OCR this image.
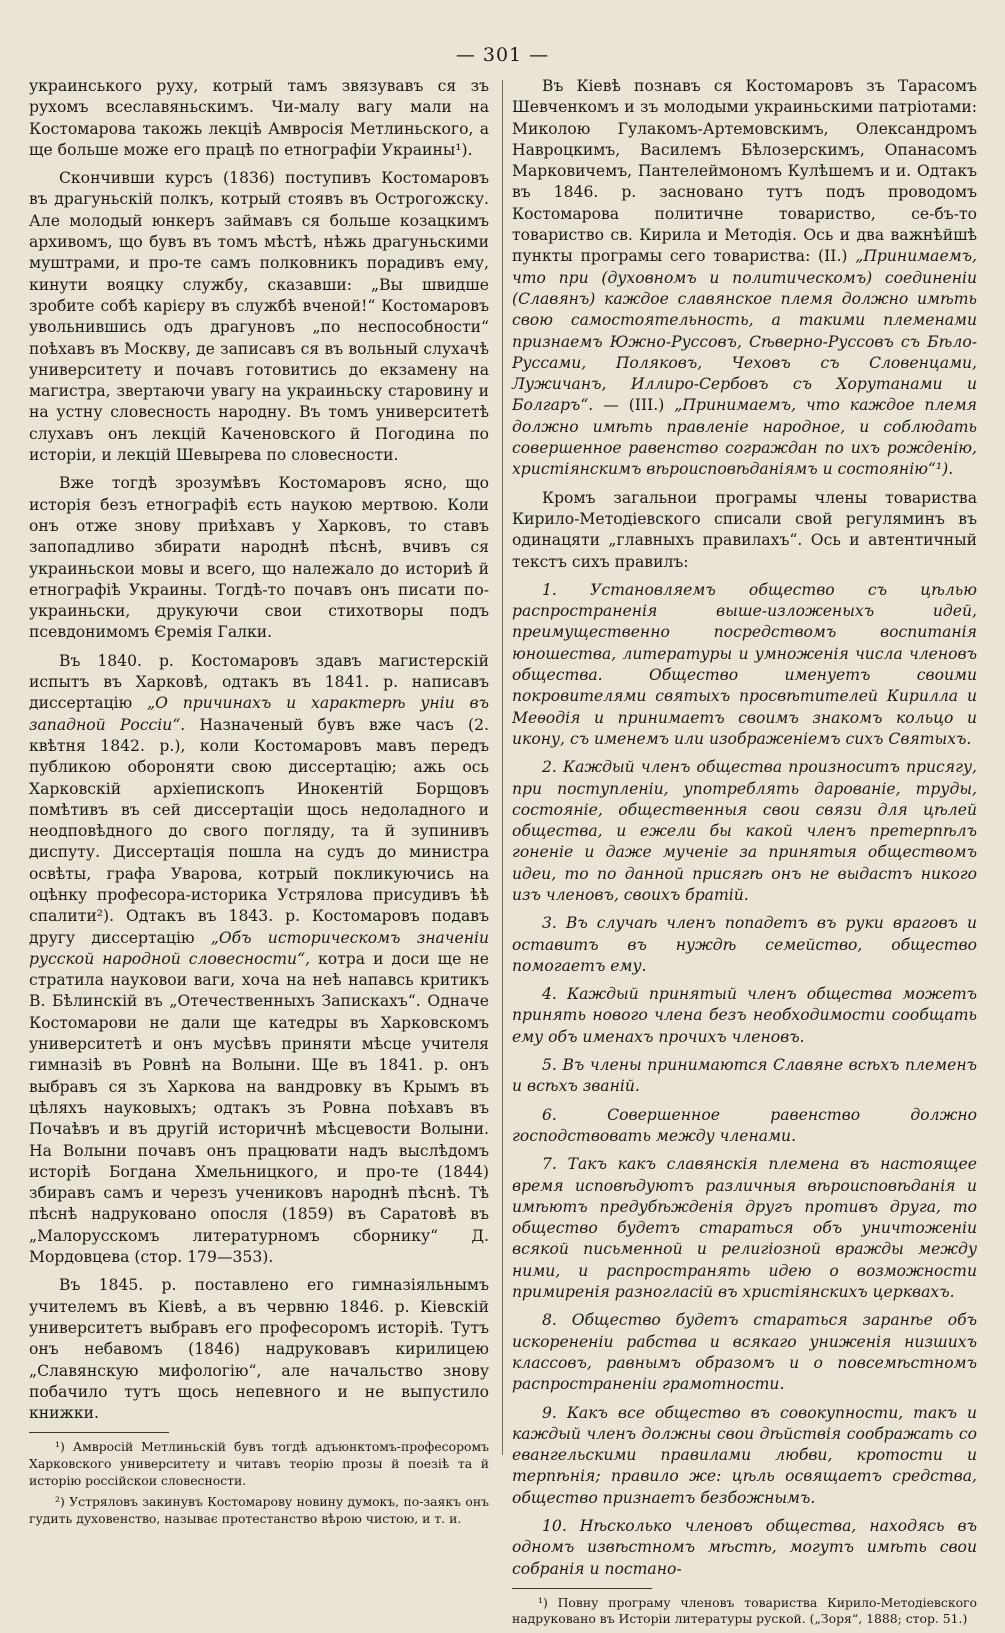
— 301 —

украинського руху, котрый тамъ звязувавъ ся зъ рухомъ всеславяньскимъ. Чи-малу вагу мали на Костомарова такожь лекціѣ Амвросія Метлиньского, а ще больше може его працѣ по етнографіи Украины¹).

Скончивши курсъ (1836) поступивъ Костомаровъ въ драгуньскій полкъ, котрый стоявъ въ Острогожску. Але молодый юнкеръ займавъ ся больше козацкимъ архивомъ, що бувъ въ томъ мѣстѣ, нѣжь драгуньскими муштрами, и про-те самъ полковникъ порадивъ ему, кинути вояцку службу, сказавши: „Вы швидше зробите собѣ карієру въ службѣ вченой!“ Костомаровъ увольнившись одъ драгуновъ „по неспособности“ поѣхавъ въ Москву, де записавъ ся въ вольный слухачѣ университету и почавъ готовитись до екзамену на магистра, звертаючи увагу на украиньску старовину и на устну словесность народну. Въ томъ университетѣ слухавъ онъ лекцій Каченовского й Погодина по исторіи, и лекцій Шевырева по словесности.

Вже тогдѣ зрозумѣвъ Костомаровъ ясно, що исторія безъ етнографіѣ єсть наукою мертвою. Коли онъ отже знову приѣхавъ у Харковъ, то ставъ запопадливо збирати народнѣ пѣснѣ, вчивъ ся украиньскои мовы и всего, що належало до историѣ й етнографіѣ Украины. Тогдѣ-то почавъ онъ писати по-украиньски, друкуючи свои стихотворы подъ псевдонимомъ Єремія Галки.

Въ 1840. р. Костомаровъ здавъ магистерскій испытъ въ Харковѣ, одтакъ въ 1841. р. написавъ диссертацію „О причинахъ и характерѣ уніи въ западной Россіи“. Назначеный бувъ вже часъ (2. квѣтня 1842. р.), коли Костомаровъ мавъ передъ публикою обороняти свою диссертацію; ажь ось Харковскій архіепископъ Инокентій Борщовъ помѣтивъ въ сей диссертаціи щось недоладного и неодповѣдного до свого погляду, та й зупинивъ диспуту. Диссертація пошла на судъ до министра освѣты, графа Уварова, котрый покликуючись на оцѣнку професора-историка Устрялова присудивъ ѣѣ спалити²). Одтакъ въ 1843. р. Костомаровъ подавъ другу диссертацію „Объ историческомъ значеніи русской народной словесности“, котра и доси ще не стратила науковои ваги, хоча на неѣ напавсь критикъ В. Бѣлинскій въ „Отечественныхъ Запискахъ“. Одначе Костомарови не дали ще катедры въ Харковскомъ университетѣ и онъ мусѣвъ приняти мѣсце учителя гимназіѣ въ Ровнѣ на Волыни. Ще въ 1841. р. онъ выбравъ ся зъ Харкова на вандровку въ Крымъ въ цѣляхъ науковыхъ; одтакъ зъ Ровна поѣхавъ въ Почаѣвъ и въ другій историчнѣ мѣсцевости Волыни. На Волыни почавъ онъ працювати надъ выслѣдомъ исторіѣ Богдана Хмельницкого, и про-те (1844) збиравъ самъ и черезъ учениковъ народнѣ пѣснѣ. Тѣ пѣснѣ надруковано опосля (1859) въ Саратовѣ въ „Малорусскомъ литературномъ сборнику“ Д. Мордовцева (стор. 179—353).

Въ 1845. р. поставлено его гимназіяльнымъ учителемъ въ Кіевѣ, а въ червню 1846. р. Кіевскій университетъ выбравъ его професоромъ исторіѣ. Тутъ онъ небавомъ (1846) надруковавъ кирилицею „Славянскую мифологію“, але начальство знову побачило тутъ щось непевного и не выпустило книжки.

¹) Амвросій Метлиньскій бувъ тогдѣ адъюнктомъ-професоромъ Харковского университету и читавъ теорію прозы й поезіѣ та й исторію россійскои словесности.

²) Устряловъ закинувъ Костомарову новину думокъ, по-заякъ онъ гудить духовенство, называє протестанство вѣрою чистою, и т. и.

Въ Кіевѣ познавъ ся Костомаровъ зъ Тарасомъ Шевченкомъ и зъ молодыми украиньскими патріотами: Миколою Гулакомъ-Артемовскимъ, Олександромъ Навроцкимъ, Василемъ Бѣлозерскимъ, Опанасомъ Марковичемъ, Пантелеймономъ Кулѣшемъ и и. Одтакъ въ 1846. р. засновано тутъ подъ проводомъ Костомарова политичне товариство, се-бъ-то товариство св. Кирила и Методія. Ось и два важнѣйшѣ пункты програмы сего товариства: (II.) „Принимаемъ, что при (духовномъ и политическомъ) соединеніи (Славянъ) каждое славянское племя должно имѣть свою самостоятельность, а такими племенами признаемъ Южно-Руссовъ, Сѣверно-Руссовъ съ Бѣло-Руссами, Поляковъ, Чеховъ съ Словенцами, Лужичанъ, Иллиро-Сербовъ съ Хорутанами и Болгаръ“. — (III.) „Принимаемъ, что каждое племя должно имѣть правленіе народное, и соблюдать совершенное равенство сограждан по ихъ рожденію, христіянскимъ вѣроисповѣданіямъ и состоянію“¹).

Кромъ загальнои програмы члены товариства Кирило-Методіевского списали свой регуляминъ въ одинацяти „главныхъ правилахъ“. Ось и автентичный текстъ сихъ правилъ:

1. Установляемъ общество съ цѣлью распространенія выше-изложеныхъ идей, преимущественно посредствомъ воспитанія юношества, литературы и умноженія числа членовъ общества. Общество именуетъ своими покровителями святыхъ просвѣтителей Кирилла и Меѳодія и принимаетъ своимъ знакомъ кольцо и икону, съ именемъ или изображеніемъ сихъ Святыхъ.

2. Каждый членъ общества произноситъ присягу, при поступленіи, употреблять дарованіе, труды, состояніе, общественныя свои связи для цѣлей общества, и ежели бы какой членъ претерпѣлъ гоненіе и даже мученіе за принятыя обществомъ идеи, то по данной присягѣ онъ не выдастъ никого изъ членовъ, своихъ братій.

3. Въ случаѣ членъ попадетъ въ руки враговъ и оставитъ въ нуждѣ семейство, общество помогаетъ ему.

4. Каждый принятый членъ общества можетъ принять нового члена безъ необходимости сообщать ему объ именахъ прочихъ членовъ.

5. Въ члены принимаются Славяне всѣхъ племенъ и всѣхъ званій.

6. Совершенное равенство должно господствовать между членами.

7. Такъ какъ славянскія племена въ настоящее время исповѣдуютъ различныя вѣроисповѣданія и имѣютъ предубѣжденія другъ противъ друга, то общество будетъ стараться объ уничтоженіи всякой письменной и религіозной вражды между ними, и распространять идею о возможности примиренія разногласій въ христіянскихъ церквахъ.

8. Общество будетъ стараться заранѣе объ искорененіи рабства и всякаго униженія низшихъ классовъ, равнымъ образомъ и о повсемѣстномъ распространеніи грамотности.

9. Какъ все общество въ совокупности, такъ и каждый членъ должны свои дѣйствія соображать со евангельскими правилами любви, кротости и терпѣнія; правило же: цѣль освящаетъ средства, общество признаетъ безбожнымъ.

10. Нѣсколько членовъ общества, находясь въ одномъ извѣстномъ мѣстѣ, могутъ имѣть свои собранія и постано-

¹) Повну програму членовъ товариства Кирило-Методіевского надруковано въ Исторіи литературы руской. („Зоря“, 1888; стор. 51.)
